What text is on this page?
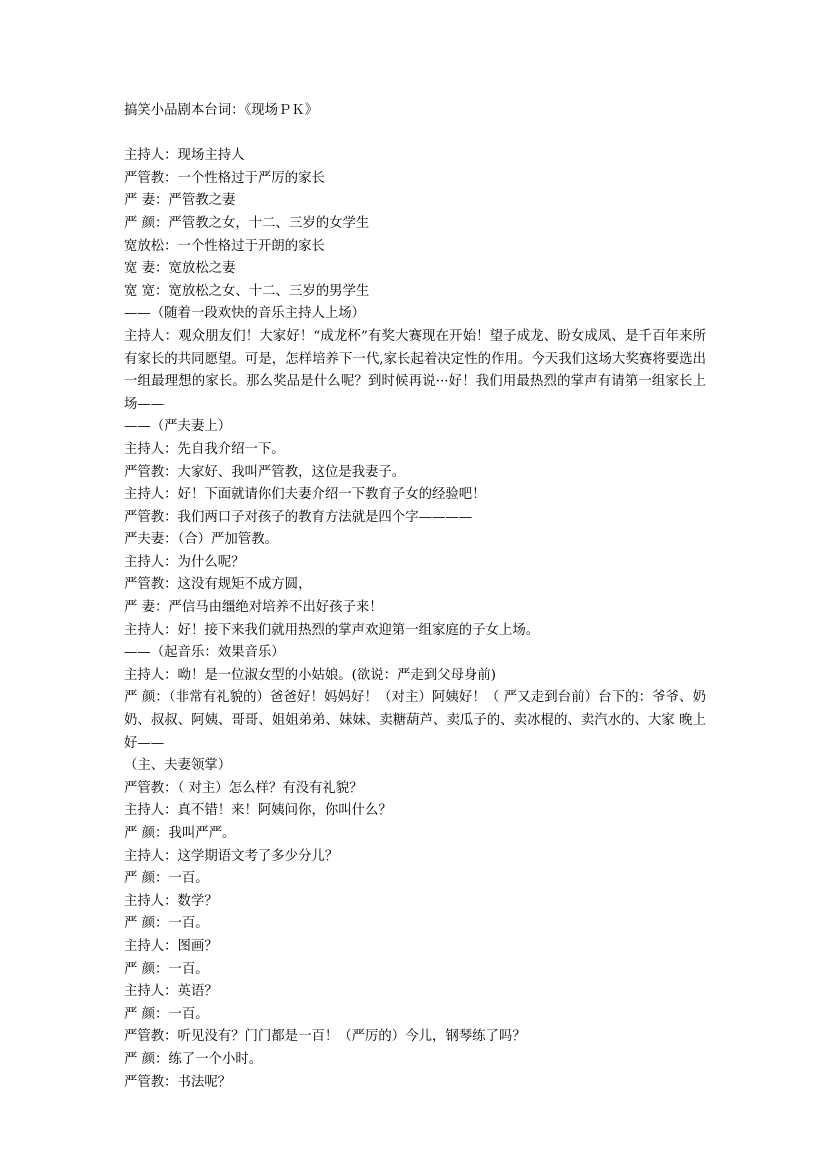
搞笑小品剧本台词：《现场ＰＫ》

主持人：现场主持人

严管教：一个性格过于严厉的家长

严 妻：严管教之妻

严 颜：严管教之女，十二、三岁的女学生

宽放松：一个性格过于开朗的家长

宽 妻：宽放松之妻

宽 宽：宽放松之女、十二、三岁的男学生

——（随着一段欢快的音乐主持人上场）

主持人：观众朋友们！大家好！“成龙杯”有奖大赛现在开始！望子成龙、盼女成凤、是千百年来所有家长的共同愿望。可是，怎样培养下一代,家长起着决定性的作用。今天我们这场大奖赛将要选出一组最理想的家长。那么奖品是什么呢？到时候再说···好！我们用最热烈的掌声有请第一组家长上场——

——（严夫妻上）

主持人：先自我介绍一下。

严管教：大家好、我叫严管教，这位是我妻子。

主持人：好！下面就请你们夫妻介绍一下教育子女的经验吧！

严管教：我们两口子对孩子的教育方法就是四个字————

严夫妻：（合）严加管教。

主持人：为什么呢？

严管教：这没有规矩不成方圆，

严 妻：严信马由缰绝对培养不出好孩子来！

主持人：好！接下来我们就用热烈的掌声欢迎第一组家庭的子女上场。

——（起音乐：效果音乐）

主持人：呦！是一位淑女型的小姑娘。(欲说：严走到父母身前)

严 颜：（非常有礼貌的）爸爸好！妈妈好！（对主）阿姨好！（ 严又走到台前）台下的：爷爷、奶奶、叔叔、阿姨、哥哥、姐姐弟弟、妹妹、卖糖葫芦、卖瓜子的、卖冰棍的、卖汽水的、大家 晚上好——

（主、夫妻领掌）

严管教：（ 对主）怎么样？有没有礼貌？

主持人：真不错！来！阿姨问你，你叫什么？

严 颜：我叫严严。

主持人：这学期语文考了多少分儿？

严 颜：一百。

主持人：数学？

严 颜：一百。

主持人：图画？

严 颜：一百。

主持人：英语？

严 颜：一百。

严管教：听见没有？门门都是一百！（严厉的）今儿，钢琴练了吗？

严 颜：练了一个小时。

严管教：书法呢？
